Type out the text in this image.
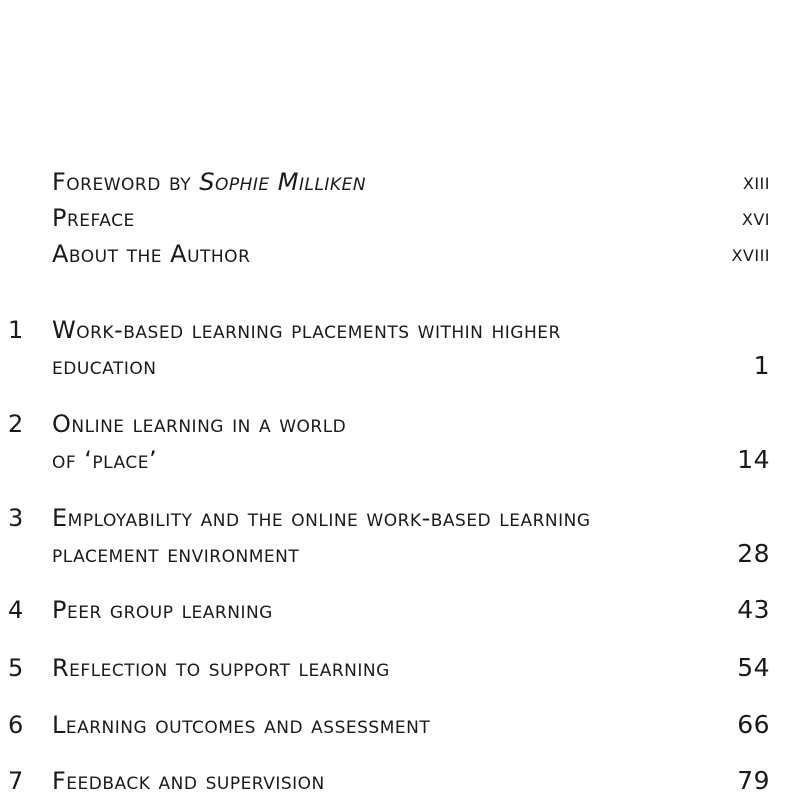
Foreword by Sophie Milliken	xiii
Preface	xvi
About the Author	xviii
1	Work-based learning placements within higher
education	1
2	Online learning in a world
of ‘place’	14
3	Employability and the online work-based learning
placement environment	28
4	Peer group learning	43
5	Reflection to support learning	54
6	Learning outcomes and assessment	66
7	Feedback and supervision	79
